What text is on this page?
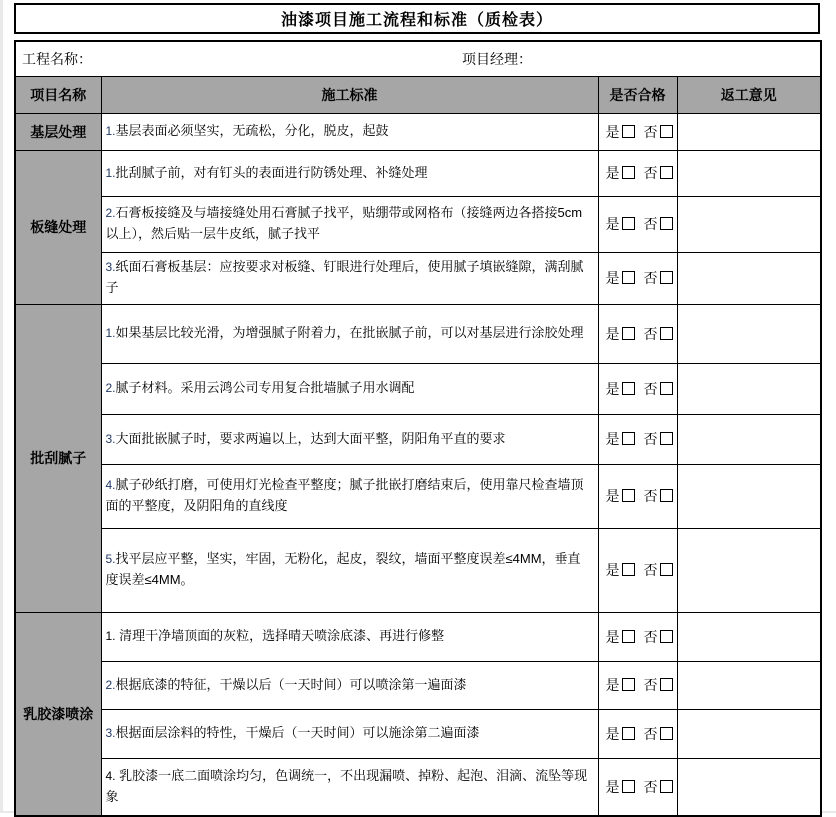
油漆项目施工流程和标准（质检表）
工程名称： 项目经理：			

项目名称	施工标准	是否合格	返工意见
基层处理	1.基层表面必须坚实，无疏松，分化，脱皮，起鼓	是 否	
板缝处理	1.批刮腻子前，对有钉头的表面进行防锈处理、补缝处理	是 否	
	2.石膏板接缝及与墙接缝处用石膏腻子找平，贴绷带或网格布（接缝两边各搭接5cm以上），然后贴一层牛皮纸，腻子找平	是 否	
	3.纸面石膏板基层：应按要求对板缝、钉眼进行处理后，使用腻子填嵌缝隙，满刮腻子	是 否	
批刮腻子	1.如果基层比较光滑，为增强腻子附着力，在批嵌腻子前，可以对基层进行涂胶处理	是 否	
	2.腻子材料。采用云鸿公司专用复合批墙腻子用水调配	是 否	
	3.大面批嵌腻子时，要求两遍以上，达到大面平整，阴阳角平直的要求	是 否	
	4.腻子砂纸打磨，可使用灯光检查平整度；腻子批嵌打磨结束后，使用靠尺检查墙顶面的平整度，及阴阳角的直线度	是 否	
	5.找平层应平整，坚实，牢固，无粉化，起皮，裂纹，墙面平整度误差≤4MM，垂直度误差≤4MM。	是 否	
乳胶漆喷涂	1. 清理干净墙顶面的灰粒，选择晴天喷涂底漆、再进行修整	是 否	
	2.根据底漆的特征，干燥以后（一天时间）可以喷涂第一遍面漆	是 否	
	3.根据面层涂料的特性，干燥后（一天时间）可以施涂第二遍面漆	是 否	
	4. 乳胶漆一底二面喷涂均匀，色调统一，不出现漏喷、掉粉、起泡、泪滴、流坠等现象	是 否	
